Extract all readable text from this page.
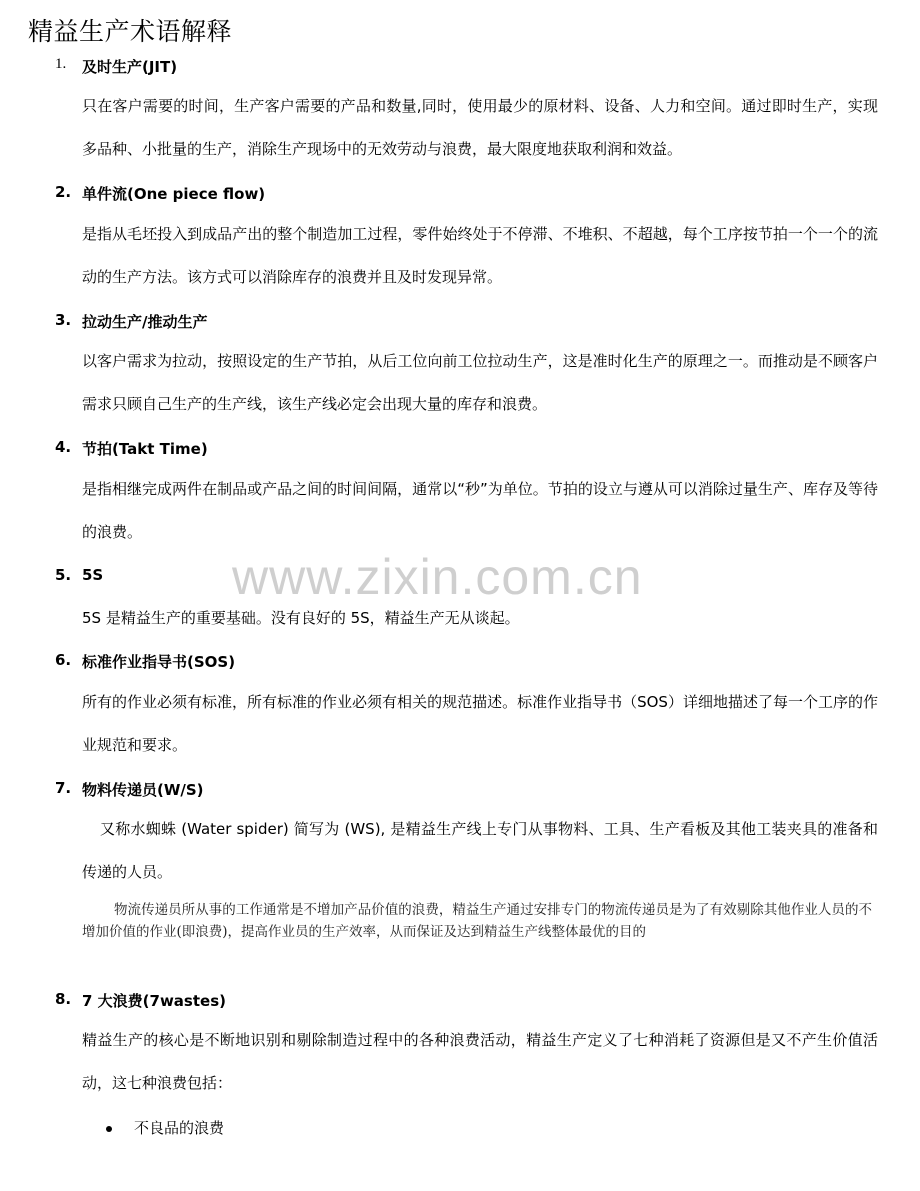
精益生产术语解释
www.zixin.com.cn
1. 及时生产(JIT)
只在客户需要的时间，生产客户需要的产品和数量,同时，使用最少的原材料、设备、人力和空间。通过即时生产，实现多品种、小批量的生产，消除生产现场中的无效劳动与浪费，最大限度地获取利润和效益。
2. 单件流(One piece flow)
是指从毛坯投入到成品产出的整个制造加工过程，零件始终处于不停滞、不堆积、不超越，每个工序按节拍一个一个的流动的生产方法。该方式可以消除库存的浪费并且及时发现异常。
3. 拉动生产/推动生产
以客户需求为拉动，按照设定的生产节拍，从后工位向前工位拉动生产，这是准时化生产的原理之一。而推动是不顾客户需求只顾自己生产的生产线，该生产线必定会出现大量的库存和浪费。
4. 节拍(Takt Time)
是指相继完成两件在制品或产品之间的时间间隔，通常以“秒”为单位。节拍的设立与遵从可以消除过量生产、库存及等待的浪费。
5. 5S
5S 是精益生产的重要基础。没有良好的 5S，精益生产无从谈起。
6. 标准作业指导书(SOS)
所有的作业必须有标准，所有标准的作业必须有相关的规范描述。标准作业指导书（SOS）详细地描述了每一个工序的作业规范和要求。
7. 物料传递员(W/S)
又称水蜘蛛 (Water spider) 简写为 (WS), 是精益生产线上专门从事物料、工具、生产看板及其他工装夹具的准备和传递的人员。
物流传递员所从事的工作通常是不增加产品价值的浪费，精益生产通过安排专门的物流传递员是为了有效剔除其他作业人员的不增加价值的作业(即浪费)，提高作业员的生产效率，从而保证及达到精益生产线整体最优的目的
8. 7 大浪费(7wastes)
精益生产的核心是不断地识别和剔除制造过程中的各种浪费活动，精益生产定义了七种消耗了资源但是又不产生价值活动，这七种浪费包括：
不良品的浪费
